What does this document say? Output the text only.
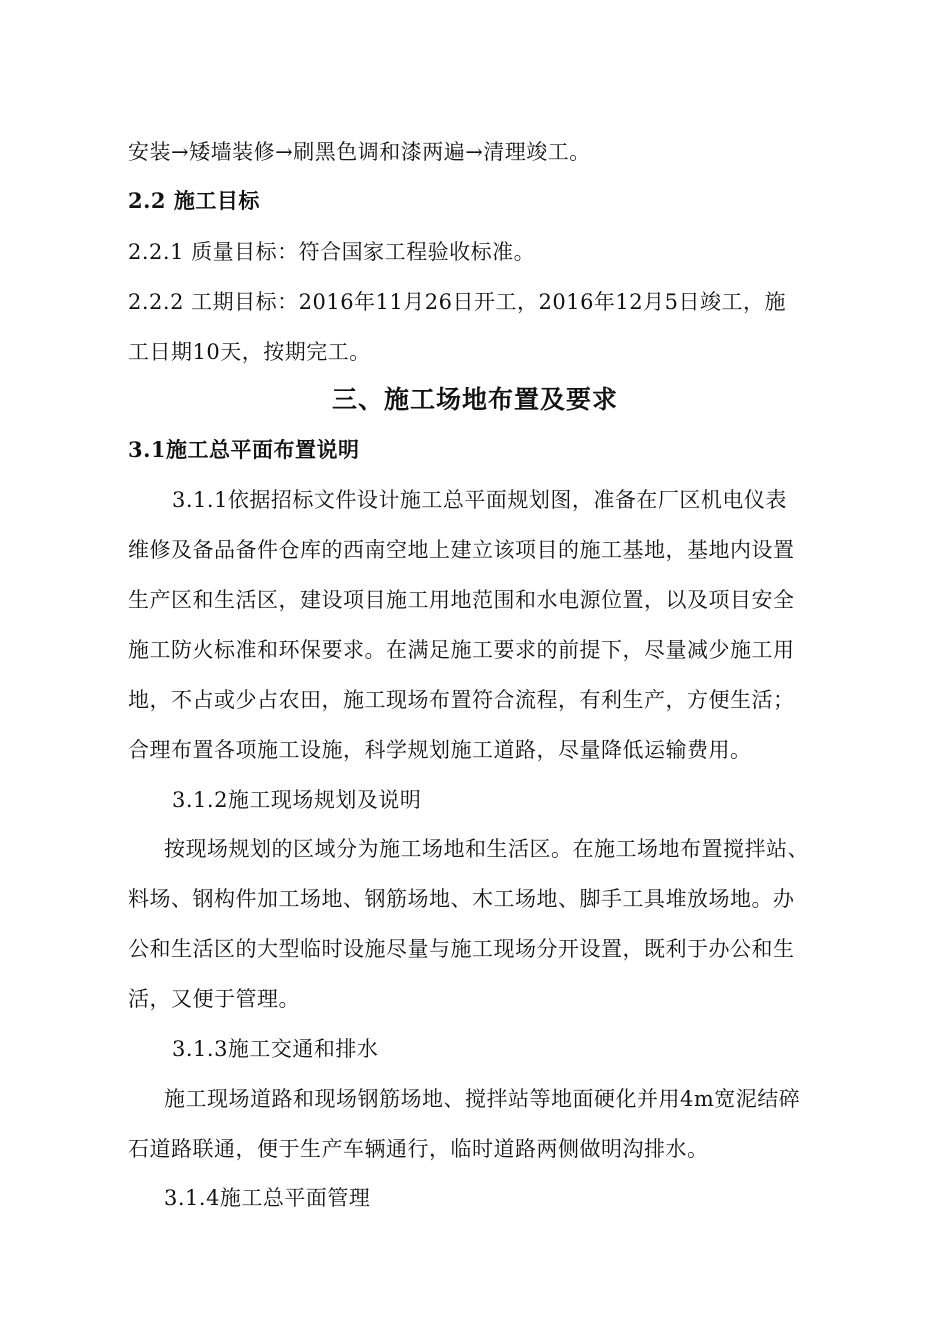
安装→矮墙装修→刷黑色调和漆两遍→清理竣工。

2.2 施工目标

2.2.1 质量目标：符合国家工程验收标准。

2.2.2 工期目标：2016年11月26日开工，2016年12月5日竣工，施

工日期10天，按期完工。

三、施工场地布置及要求

3.1施工总平面布置说明

3.1.1依据招标文件设计施工总平面规划图，准备在厂区机电仪表

维修及备品备件仓库的西南空地上建立该项目的施工基地，基地内设置

生产区和生活区，建设项目施工用地范围和水电源位置，以及项目安全

施工防火标准和环保要求。在满足施工要求的前提下，尽量减少施工用

地，不占或少占农田，施工现场布置符合流程，有利生产，方便生活；

合理布置各项施工设施，科学规划施工道路，尽量降低运输费用。

3.1.2施工现场规划及说明

按现场规划的区域分为施工场地和生活区。在施工场地布置搅拌站、

料场、钢构件加工场地、钢筋场地、木工场地、脚手工具堆放场地。办

公和生活区的大型临时设施尽量与施工现场分开设置，既利于办公和生

活，又便于管理。

3.1.3施工交通和排水

施工现场道路和现场钢筋场地、搅拌站等地面硬化并用4m宽泥结碎

石道路联通，便于生产车辆通行，临时道路两侧做明沟排水。

3.1.4施工总平面管理
